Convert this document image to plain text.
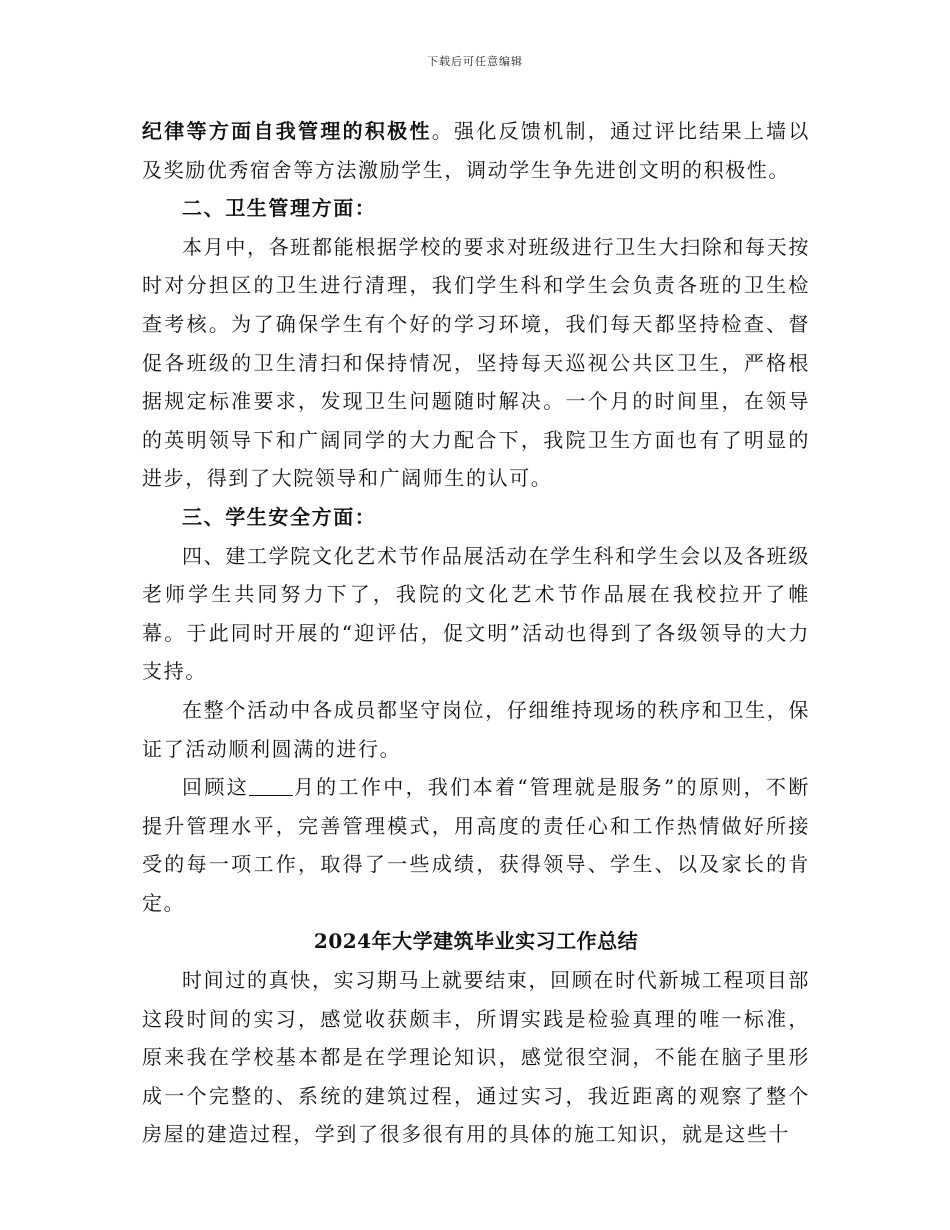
下载后可任意编辑

纪律等方面自我管理的积极性。强化反馈机制，通过评比结果上墙以及奖励优秀宿舍等方法激励学生，调动学生争先进创文明的积极性。

二、卫生管理方面：

本月中，各班都能根据学校的要求对班级进行卫生大扫除和每天按时对分担区的卫生进行清理，我们学生科和学生会负责各班的卫生检查考核。为了确保学生有个好的学习环境，我们每天都坚持检查、督促各班级的卫生清扫和保持情况，坚持每天巡视公共区卫生，严格根据规定标准要求，发现卫生问题随时解决。一个月的时间里，在领导的英明领导下和广阔同学的大力配合下，我院卫生方面也有了明显的进步，得到了大院领导和广阔师生的认可。

三、学生安全方面：

四、建工学院文化艺术节作品展活动在学生科和学生会以及各班级老师学生共同努力下了，我院的文化艺术节作品展在我校拉开了帷幕。于此同时开展的“迎评估，促文明”活动也得到了各级领导的大力支持。

在整个活动中各成员都坚守岗位，仔细维持现场的秩序和卫生，保证了活动顺利圆满的进行。

回顾这 月的工作中，我们本着“管理就是服务”的原则，不断提升管理水平，完善管理模式，用高度的责任心和工作热情做好所接受的每一项工作，取得了一些成绩，获得领导、学生、以及家长的肯定。

2024年大学建筑毕业实习工作总结

时间过的真快，实习期马上就要结束，回顾在时代新城工程项目部这段时间的实习，感觉收获颇丰，所谓实践是检验真理的唯一标准，原来我在学校基本都是在学理论知识，感觉很空洞，不能在脑子里形成一个完整的、系统的建筑过程，通过实习，我近距离的观察了整个房屋的建造过程，学到了很多很有用的具体的施工知识，就是这些十
